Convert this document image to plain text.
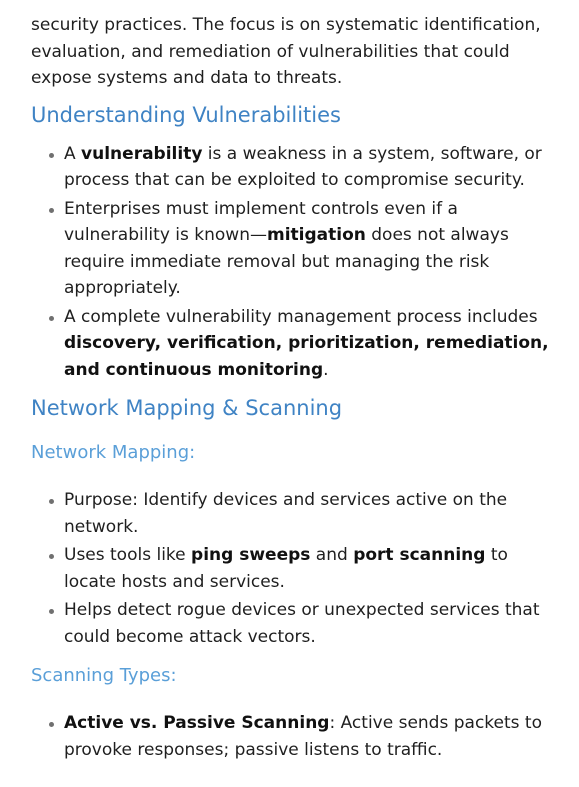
security practices. The focus is on systematic identification,
evaluation, and remediation of vulnerabilities that could
expose systems and data to threats.

Understanding Vulnerabilities
A vulnerability is a weakness in a system, software, or process that can be exploited to compromise security.
Enterprises must implement controls even if a vulnerability is known—mitigation does not always require immediate removal but managing the risk appropriately.
A complete vulnerability management process includes discovery, verification, prioritization, remediation, and continuous monitoring.
Network Mapping & Scanning
Network Mapping:
Purpose: Identify devices and services active on the network.
Uses tools like ping sweeps and port scanning to locate hosts and services.
Helps detect rogue devices or unexpected services that could become attack vectors.
Scanning Types:
Active vs. Passive Scanning: Active sends packets to provoke responses; passive listens to traffic.
